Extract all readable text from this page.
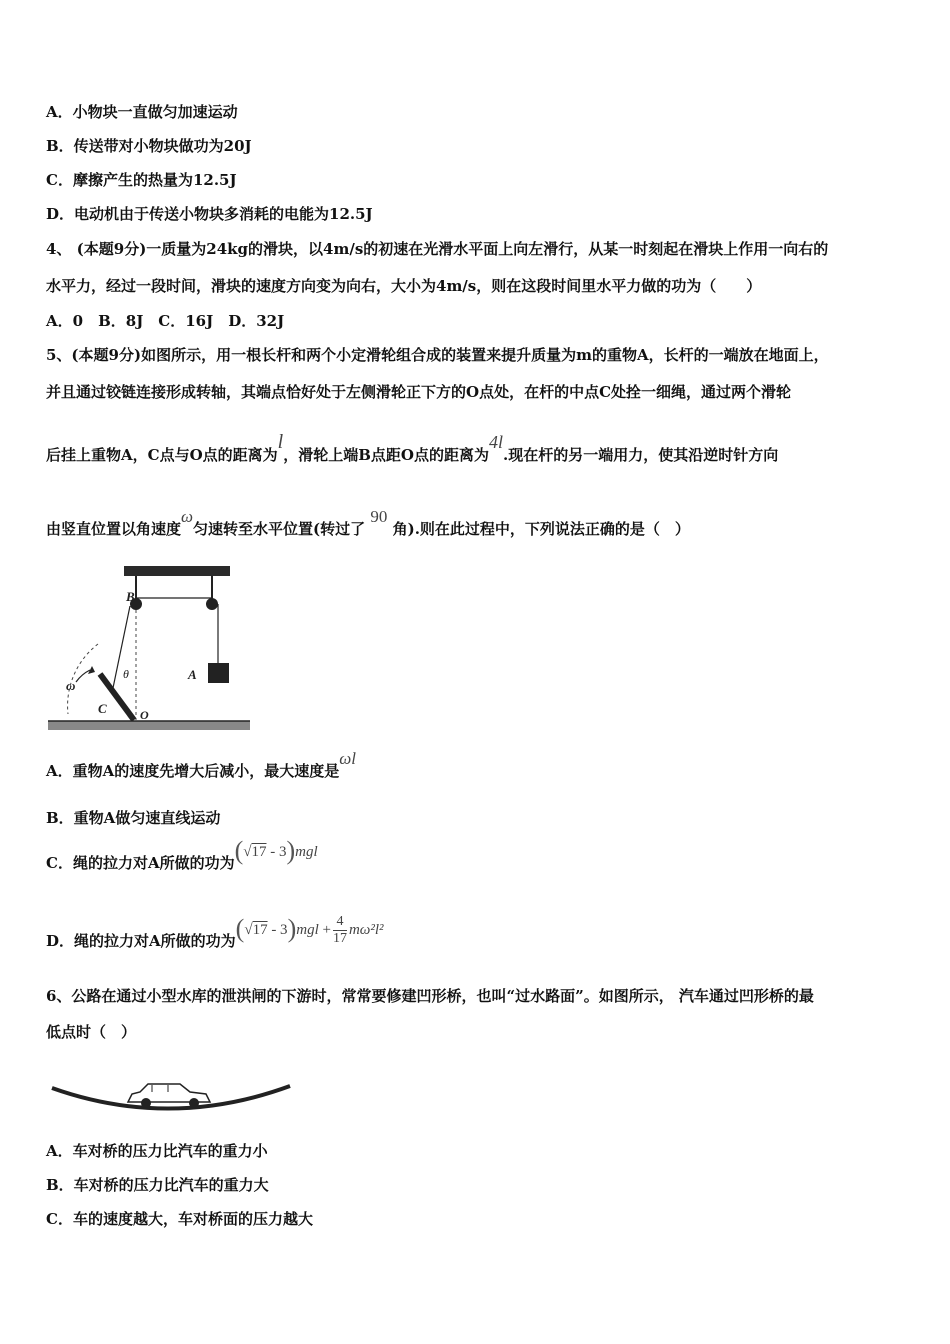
A．小物块一直做匀加速运动
B．传送带对小物块做功为20J
C．摩擦产生的热量为12.5J
D．电动机由于传送小物块多消耗的电能为12.5J
4、 (本题9分)一质量为24kg的滑块，以4m/s的初速在光滑水平面上向左滑行，从某一时刻起在滑块上作用一向右的
水平力，经过一段时间，滑块的速度方向变为向右，大小为4m/s，则在这段时间里水平力做的功为（　　）
A．0　B．8J　C．16J　D．32J
5、(本题9分)如图所示，用一根长杆和两个小定滑轮组合成的装置来提升质量为m的重物A，长杆的一端放在地面上，
并且通过铰链连接形成转轴，其端点恰好处于左侧滑轮正下方的O点处，在杆的中点C处拴一细绳，通过两个滑轮
后挂上重物A，C点与O点的距离为l，滑轮上端B点距O点的距离为4l.现在杆的另一端用力，使其沿逆时针方向
由竖直位置以角速度ω匀速转至水平位置(转过了 90 角).则在此过程中，下列说法正确的是（　）
B
A
C	O
θ
ω
A．重物A的速度先增大后减小，最大速度是ωl
B．重物A做匀速直线运动
C．绳的拉力对A所做的功为(√17 - 3)mgl
D．绳的拉力对A所做的功为$(√17 - 3)mgl + \frac{4}{17} m\omega^2l^2$
6、公路在通过小型水库的泄洪闸的下游时，常常要修建凹形桥，也叫“过水路面”。如图所示， 汽车通过凹形桥的最
低点时（　）
A．车对桥的压力比汽车的重力小
B．车对桥的压力比汽车的重力大
C．车的速度越大，车对桥面的压力越大
